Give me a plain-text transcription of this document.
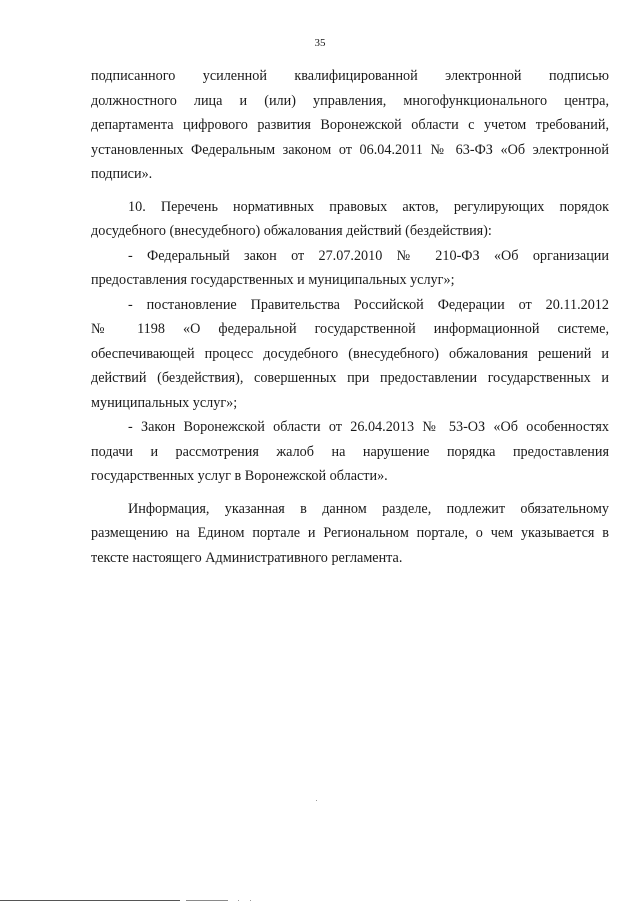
35

подписанного усиленной квалифицированной электронной подписью
должностного лица и (или) управления, многофункционального центра,
департамента цифрового развития Воронежской области с учетом требований,
установленных Федеральным законом от 06.04.2011 № 63-ФЗ «Об электронной
подписи».

10. Перечень нормативных правовых актов, регулирующих порядок
досудебного (внесудебного) обжалования действий (бездействия):

- Федеральный закон от 27.07.2010 № 210-ФЗ «Об организации
предоставления государственных и муниципальных услуг»;

- постановление Правительства Российской Федерации от 20.11.2012
№ 1198 «О федеральной государственной информационной системе,
обеспечивающей процесс досудебного (внесудебного) обжалования решений и
действий (бездействия), совершенных при предоставлении государственных и
муниципальных услуг»;

- Закон Воронежской области от 26.04.2013 № 53-ОЗ «Об особенностях
подачи и рассмотрения жалоб на нарушение порядка предоставления
государственных услуг в Воронежской области».

Информация, указанная в данном разделе, подлежит обязательному
размещению на Едином портале и Региональном портале, о чем указывается в
тексте настоящего Административного регламента.
